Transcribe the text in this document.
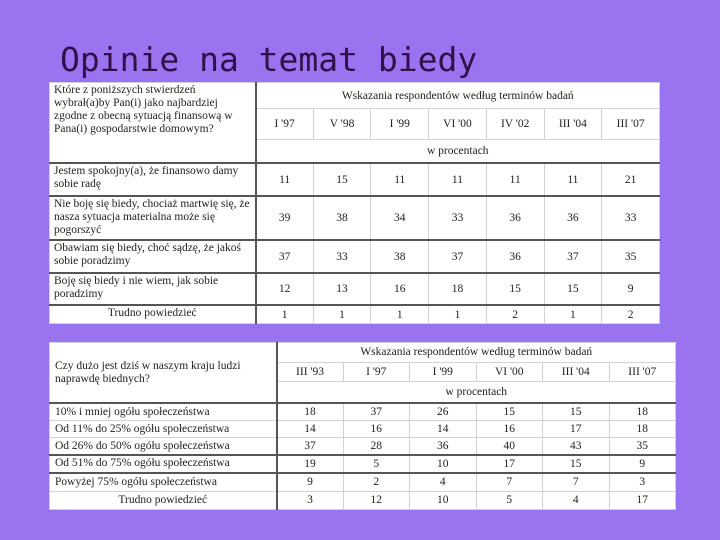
Opinie na temat biedy
Które z poniższych stwierdzeń wybrał(a)by Pan(i) jako najbardziej zgodne z obecną sytuacją finansową w Pana(i) gospodarstwie domowym?	Wskazania respondentów według terminów badań						
	I '97	V '98	I '99	VI '00	IV '02	III '04	III '07
	w procentach						
Jestem spokojny(a), że finansowo damy sobie radę	11	15	11	11	11	11	21
Nie boję się biedy, chociaż martwię się, że nasza sytuacja materialna może się pogorszyć	39	38	34	33	36	36	33
Obawiam się biedy, choć sądzę, że jakoś sobie poradzimy	37	33	38	37	36	37	35
Boję się biedy i nie wiem, jak sobie poradzimy	12	13	16	18	15	15	9
Trudno powiedzieć	1	1	1	1	2	1	2
Czy dużo jest dziś w naszym kraju ludzi naprawdę biednych?	Wskazania respondentów według terminów badań					
	III '93	I '97	I '99	VI '00	III '04	III '07
	w procentach					
10% i mniej ogółu społeczeństwa	18	37	26	15	15	18
Od 11% do 25% ogółu społeczeństwa	14	16	14	16	17	18
Od 26% do 50% ogółu społeczeństwa	37	28	36	40	43	35
Od 51% do 75% ogółu społeczeństwa	19	5	10	17	15	9
Powyżej 75% ogółu społeczeństwa	9	2	4	7	7	3
Trudno powiedzieć	3	12	10	5	4	17
